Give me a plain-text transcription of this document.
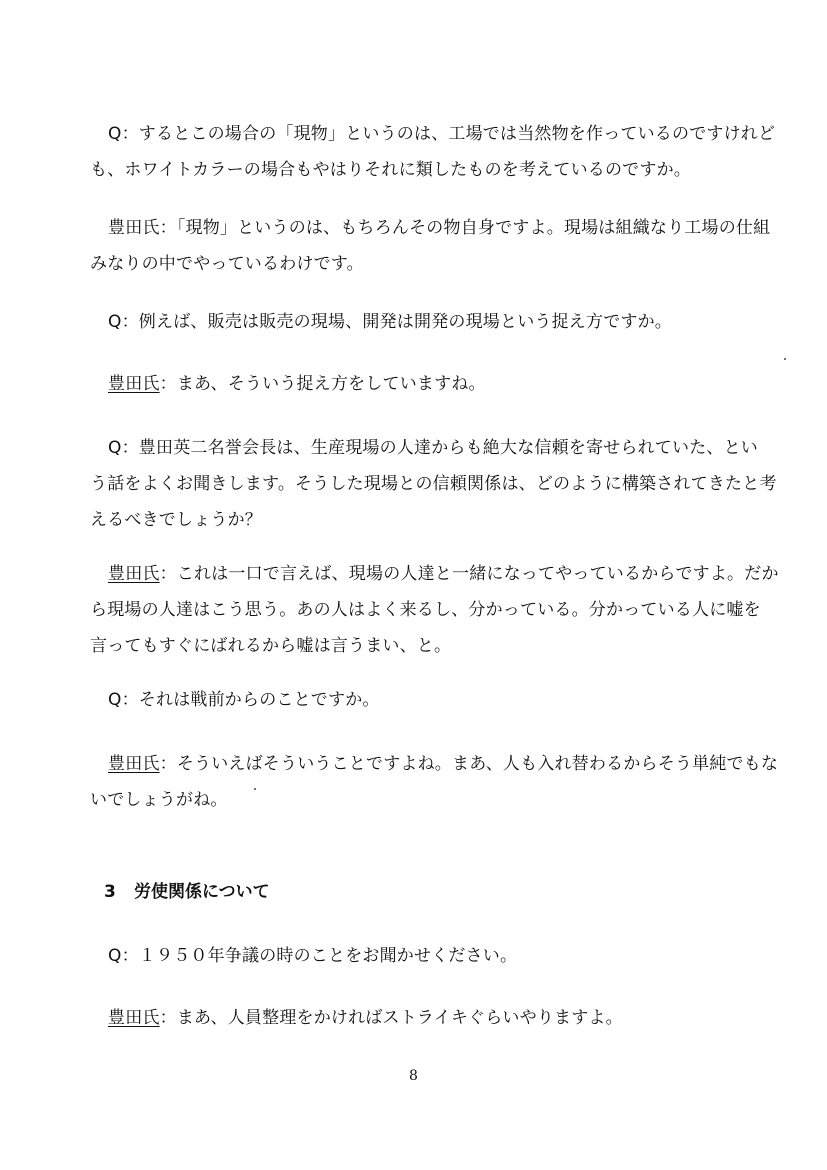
Q：するとこの場合の「現物」というのは、工場では当然物を作っているのですけれど
も、ホワイトカラーの場合もやはりそれに類したものを考えているのですか。
豊田氏：「現物」というのは、もちろんその物自身ですよ。現場は組織なり工場の仕組
みなりの中でやっているわけです。
Q：例えば、販売は販売の現場、開発は開発の現場という捉え方ですか。
豊田氏：まあ、そういう捉え方をしていますね。
Q：豊田英二名誉会長は、生産現場の人達からも絶大な信頼を寄せられていた、とい
う話をよくお聞きします。そうした現場との信頼関係は、どのように構築されてきたと考
えるべきでしょうか？
豊田氏：これは一口で言えば、現場の人達と一緒になってやっているからですよ。だか
ら現場の人達はこう思う。あの人はよく来るし、分かっている。分かっている人に嘘を
言ってもすぐにばれるから嘘は言うまい、と。
Q：それは戦前からのことですか。
豊田氏：そういえばそういうことですよね。まあ、人も入れ替わるからそう単純でもな
いでしょうがね。
3 労使関係について
Q：１９５０年争議の時のことをお聞かせください。
豊田氏：まあ、人員整理をかければストライキぐらいやりますよ。
8
